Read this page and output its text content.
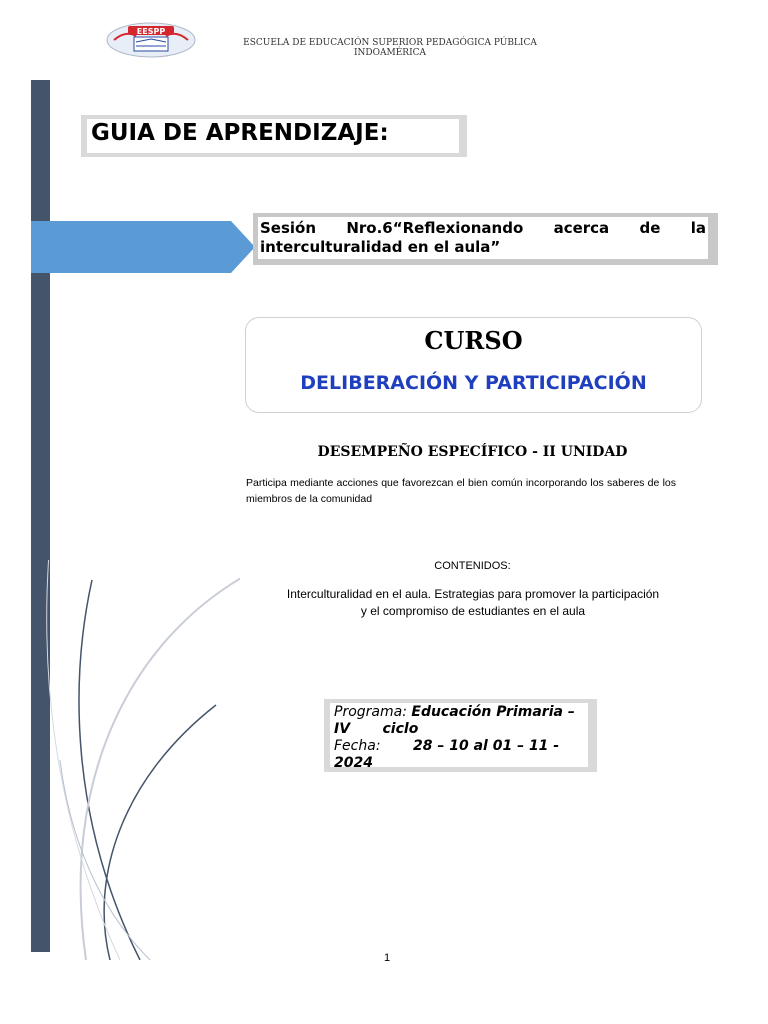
EESPP
ESCUELA DE EDUCACIÓN SUPERIOR PEDAGÓGICA PÚBLICA
INDOAMÉRICA
GUIA DE APRENDIZAJE:
Sesión Nro.6“Reflexionando acerca de la
interculturalidad en el aula”
CURSO
DELIBERACIÓN Y PARTICIPACIÓN
DESEMPEÑO ESPECÍFICO - II UNIDAD
Participa mediante acciones que favorezcan el bien común incorporando los saberes de los miembros de la comunidad
CONTENIDOS:
Interculturalidad en el aula. Estrategias para promover la participación
y el compromiso de estudiantes en el aula
Programa: Educación Primaria –
IV ciclo
Fecha: 28 – 10 al 01 – 11 -
2024
1
